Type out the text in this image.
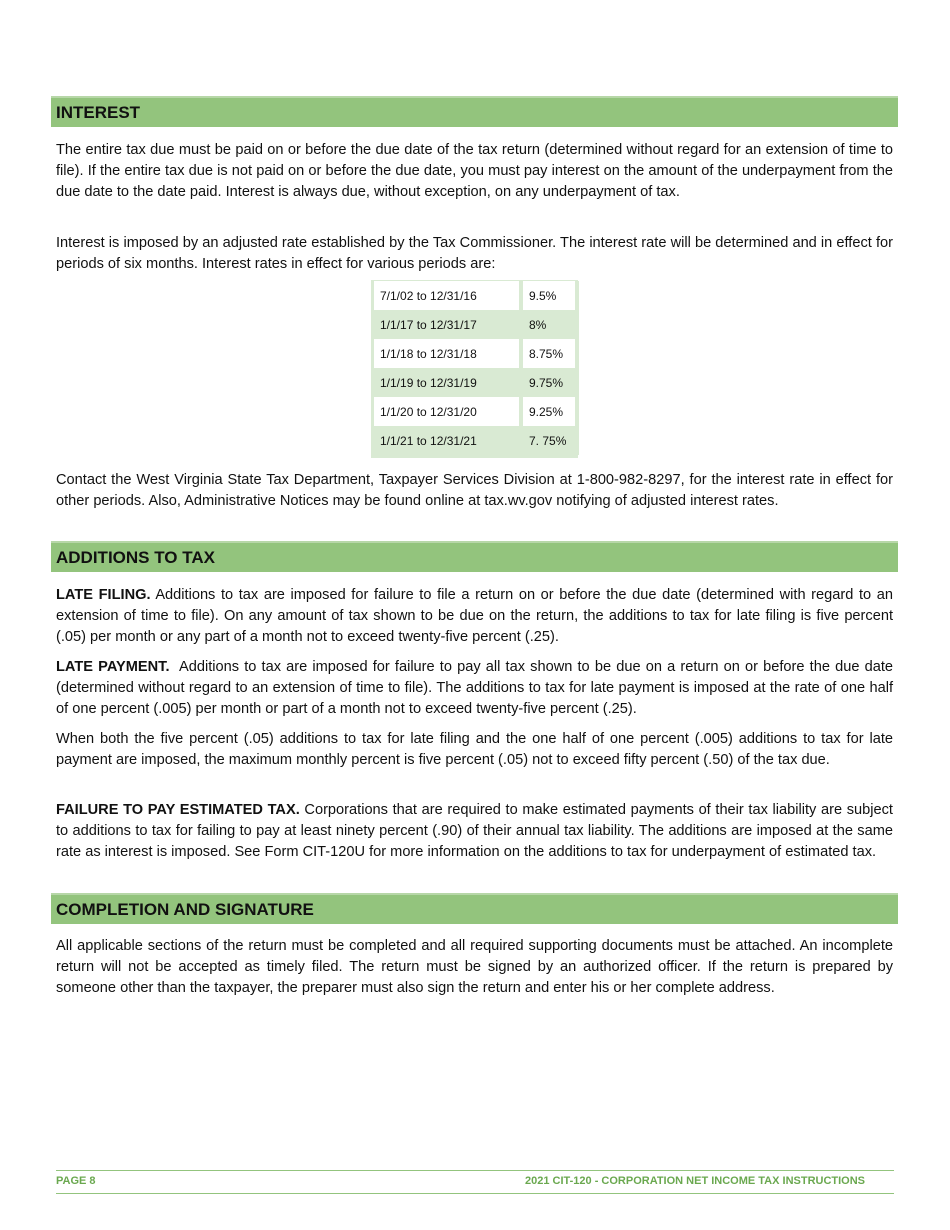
INTEREST

The entire tax due must be paid on or before the due date of the tax return (determined without regard for an extension of time to file). If the entire tax due is not paid on or before the due date, you must pay interest on the amount of the underpayment from the due date to the date paid. Interest is always due, without exception, on any underpayment of tax.

Interest is imposed by an adjusted rate established by the Tax Commissioner. The interest rate will be determined and in effect for periods of six months. Interest rates in effect for various periods are:

7/1/02 to 12/31/16	9.5%
1/1/17 to 12/31/17	8%
1/1/18 to 12/31/18	8.75%
1/1/19 to 12/31/19	9.75%
1/1/20 to 12/31/20	9.25%
1/1/21 to 12/31/21	7. 75%

Contact the West Virginia State Tax Department, Taxpayer Services Division at 1-800-982-8297, for the interest rate in effect for other periods. Also, Administrative Notices may be found online at tax.wv.gov notifying of adjusted interest rates.

ADDITIONS TO TAX

LATE FILING. Additions to tax are imposed for failure to file a return on or before the due date (determined with regard to an extension of time to file). On any amount of tax shown to be due on the return, the additions to tax for late filing is five percent (.05) per month or any part of a month not to exceed twenty-five percent (.25).

LATE PAYMENT.  Additions to tax are imposed for failure to pay all tax shown to be due on a return on or before the due date (determined without regard to an extension of time to file). The additions to tax for late payment is imposed at the rate of one half of one percent (.005) per month or part of a month not to exceed twenty-five percent (.25).

When both the five percent (.05) additions to tax for late filing and the one half of one percent (.005) additions to tax for late payment are imposed, the maximum monthly percent is five percent (.05) not to exceed fifty percent (.50) of the tax due.

FAILURE TO PAY ESTIMATED TAX. Corporations that are required to make estimated payments of their tax liability are subject to additions to tax for failing to pay at least ninety percent (.90) of their annual tax liability. The additions are imposed at the same rate as interest is imposed. See Form CIT-120U for more information on the additions to tax for underpayment of estimated tax.

COMPLETION AND SIGNATURE

All applicable sections of the return must be completed and all required supporting documents must be attached. An incomplete return will not be accepted as timely filed. The return must be signed by an authorized officer. If the return is prepared by someone other than the taxpayer, the preparer must also sign the return and enter his or her complete address.

PAGE 8	2021 CIT-120 - CORPORATION NET INCOME TAX INSTRUCTIONS
